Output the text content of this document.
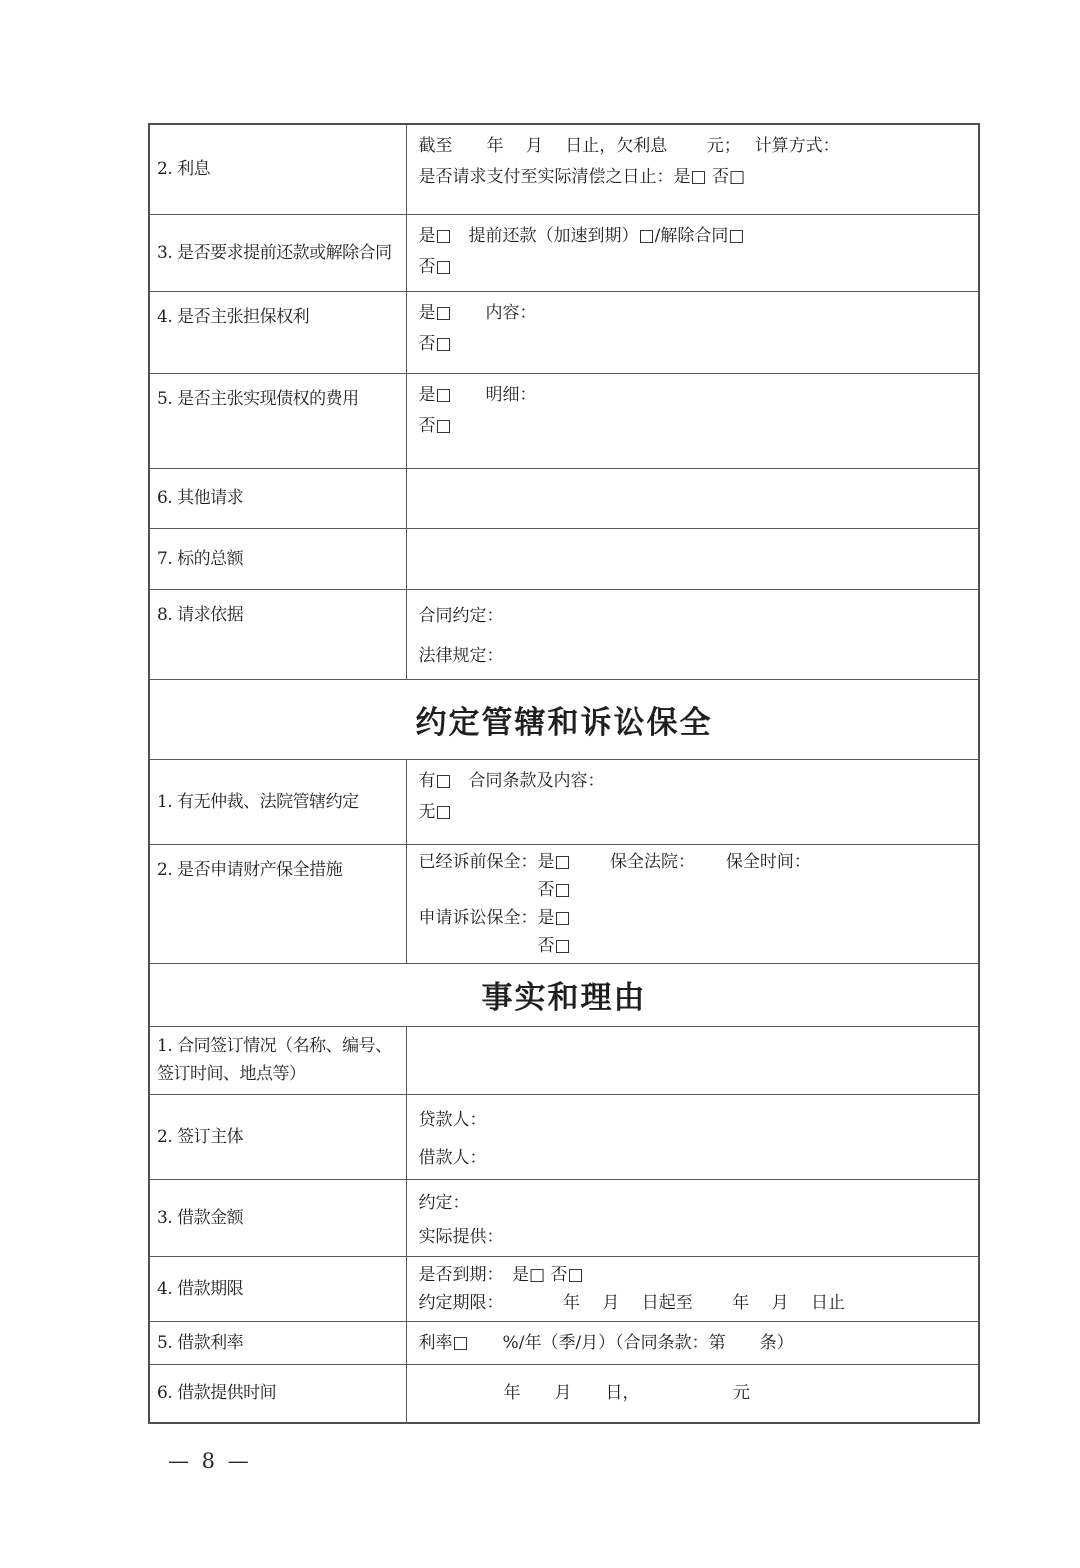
2. 利息	截至　　年　 月　 日止，欠利息　　 元；　 计算方式：
是否请求支付至实际清偿之日止：是□ 否□

3. 是否要求提前还款或解除合同	是□　提前还款（加速到期）□/解除合同□
否□

4. 是否主张担保权利	是□　　内容：
否□

5. 是否主张实现债权的费用	是□　　明细：
否□

6. 其他请求	

7. 标的总额	

8. 请求依据	合同约定：
法律规定：

约定管辖和诉讼保全	

1. 有无仲裁、法院管辖约定	有□　合同条款及内容：
无□

2. 是否申请财产保全措施	已经诉前保全：是□　　 保全法院：　　 保全时间：
　　　　　　　否□
申请诉讼保全：是□
　　　　　　　否□

事实和理由	

1. 合同签订情况（名称、编号、
签订时间、地点等）	

2. 签订主体	贷款人：
借款人：

3. 借款金额	约定：
实际提供：

4. 借款期限	是否到期：　是□ 否□
约定期限：　　　　年　 月　 日起至　　 年　 月　 日止

5. 借款利率	利率□　　%/年（季/月）（合同条款：第　　条）

6. 借款提供时间	　　　　　年　　月　　日，　　　　　　元
— 8 —
